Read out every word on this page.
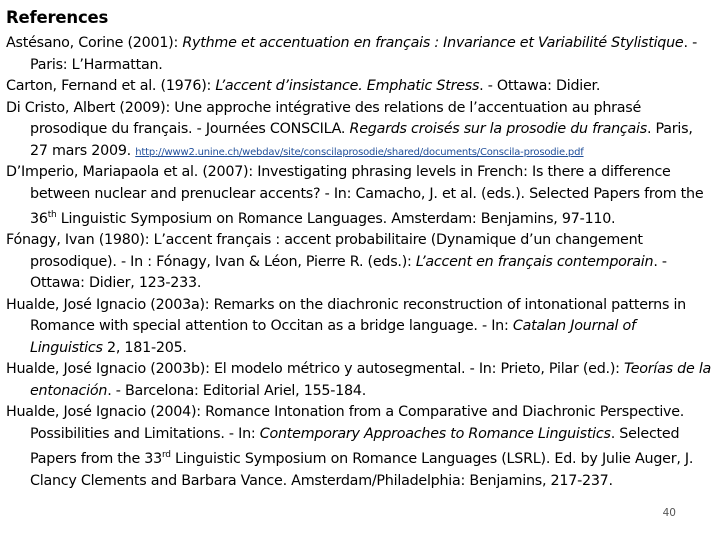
References
Astésano, Corine (2001): Rythme et accentuation en français : Invariance et Variabilité Stylistique. - Paris: L’Harmattan.
Carton, Fernand et al. (1976): L’accent d’insistance. Emphatic Stress. - Ottawa: Didier.
Di Cristo, Albert (2009): Une approche intégrative des relations de l’accentuation au phrasé prosodique du français. - Journées CONSCILA. Regards croisés sur la prosodie du français. Paris, 27 mars 2009. http://www2.unine.ch/webdav/site/conscilaprosodie/shared/documents/Conscila-prosodie.pdf
D’Imperio, Mariapaola et al. (2007): Investigating phrasing levels in French: Is there a difference between nuclear and prenuclear accents? - In: Camacho, J. et al. (eds.). Selected Papers from the 36th Linguistic Symposium on Romance Languages. Amsterdam: Benjamins, 97-110.
Fónagy, Ivan (1980): L’accent français : accent probabilitaire (Dynamique d’un changement prosodique). - In : Fónagy, Ivan & Léon, Pierre R. (eds.): L’accent en français contemporain. - Ottawa: Didier, 123-233.
Hualde, José Ignacio (2003a): Remarks on the diachronic reconstruction of intonational patterns in Romance with special attention to Occitan as a bridge language. - In: Catalan Journal of Linguistics 2, 181-205.
Hualde, José Ignacio (2003b): El modelo métrico y autosegmental. - In: Prieto, Pilar (ed.): Teorías de la entonación. - Barcelona: Editorial Ariel, 155-184.
Hualde, José Ignacio (2004): Romance Intonation from a Comparative and Diachronic Perspective. Possibilities and Limitations. - In: Contemporary Approaches to Romance Linguistics. Selected Papers from the 33rd Linguistic Symposium on Romance Languages (LSRL). Ed. by Julie Auger, J. Clancy Clements and Barbara Vance. Amsterdam/Philadelphia: Benjamins, 217-237.
40
